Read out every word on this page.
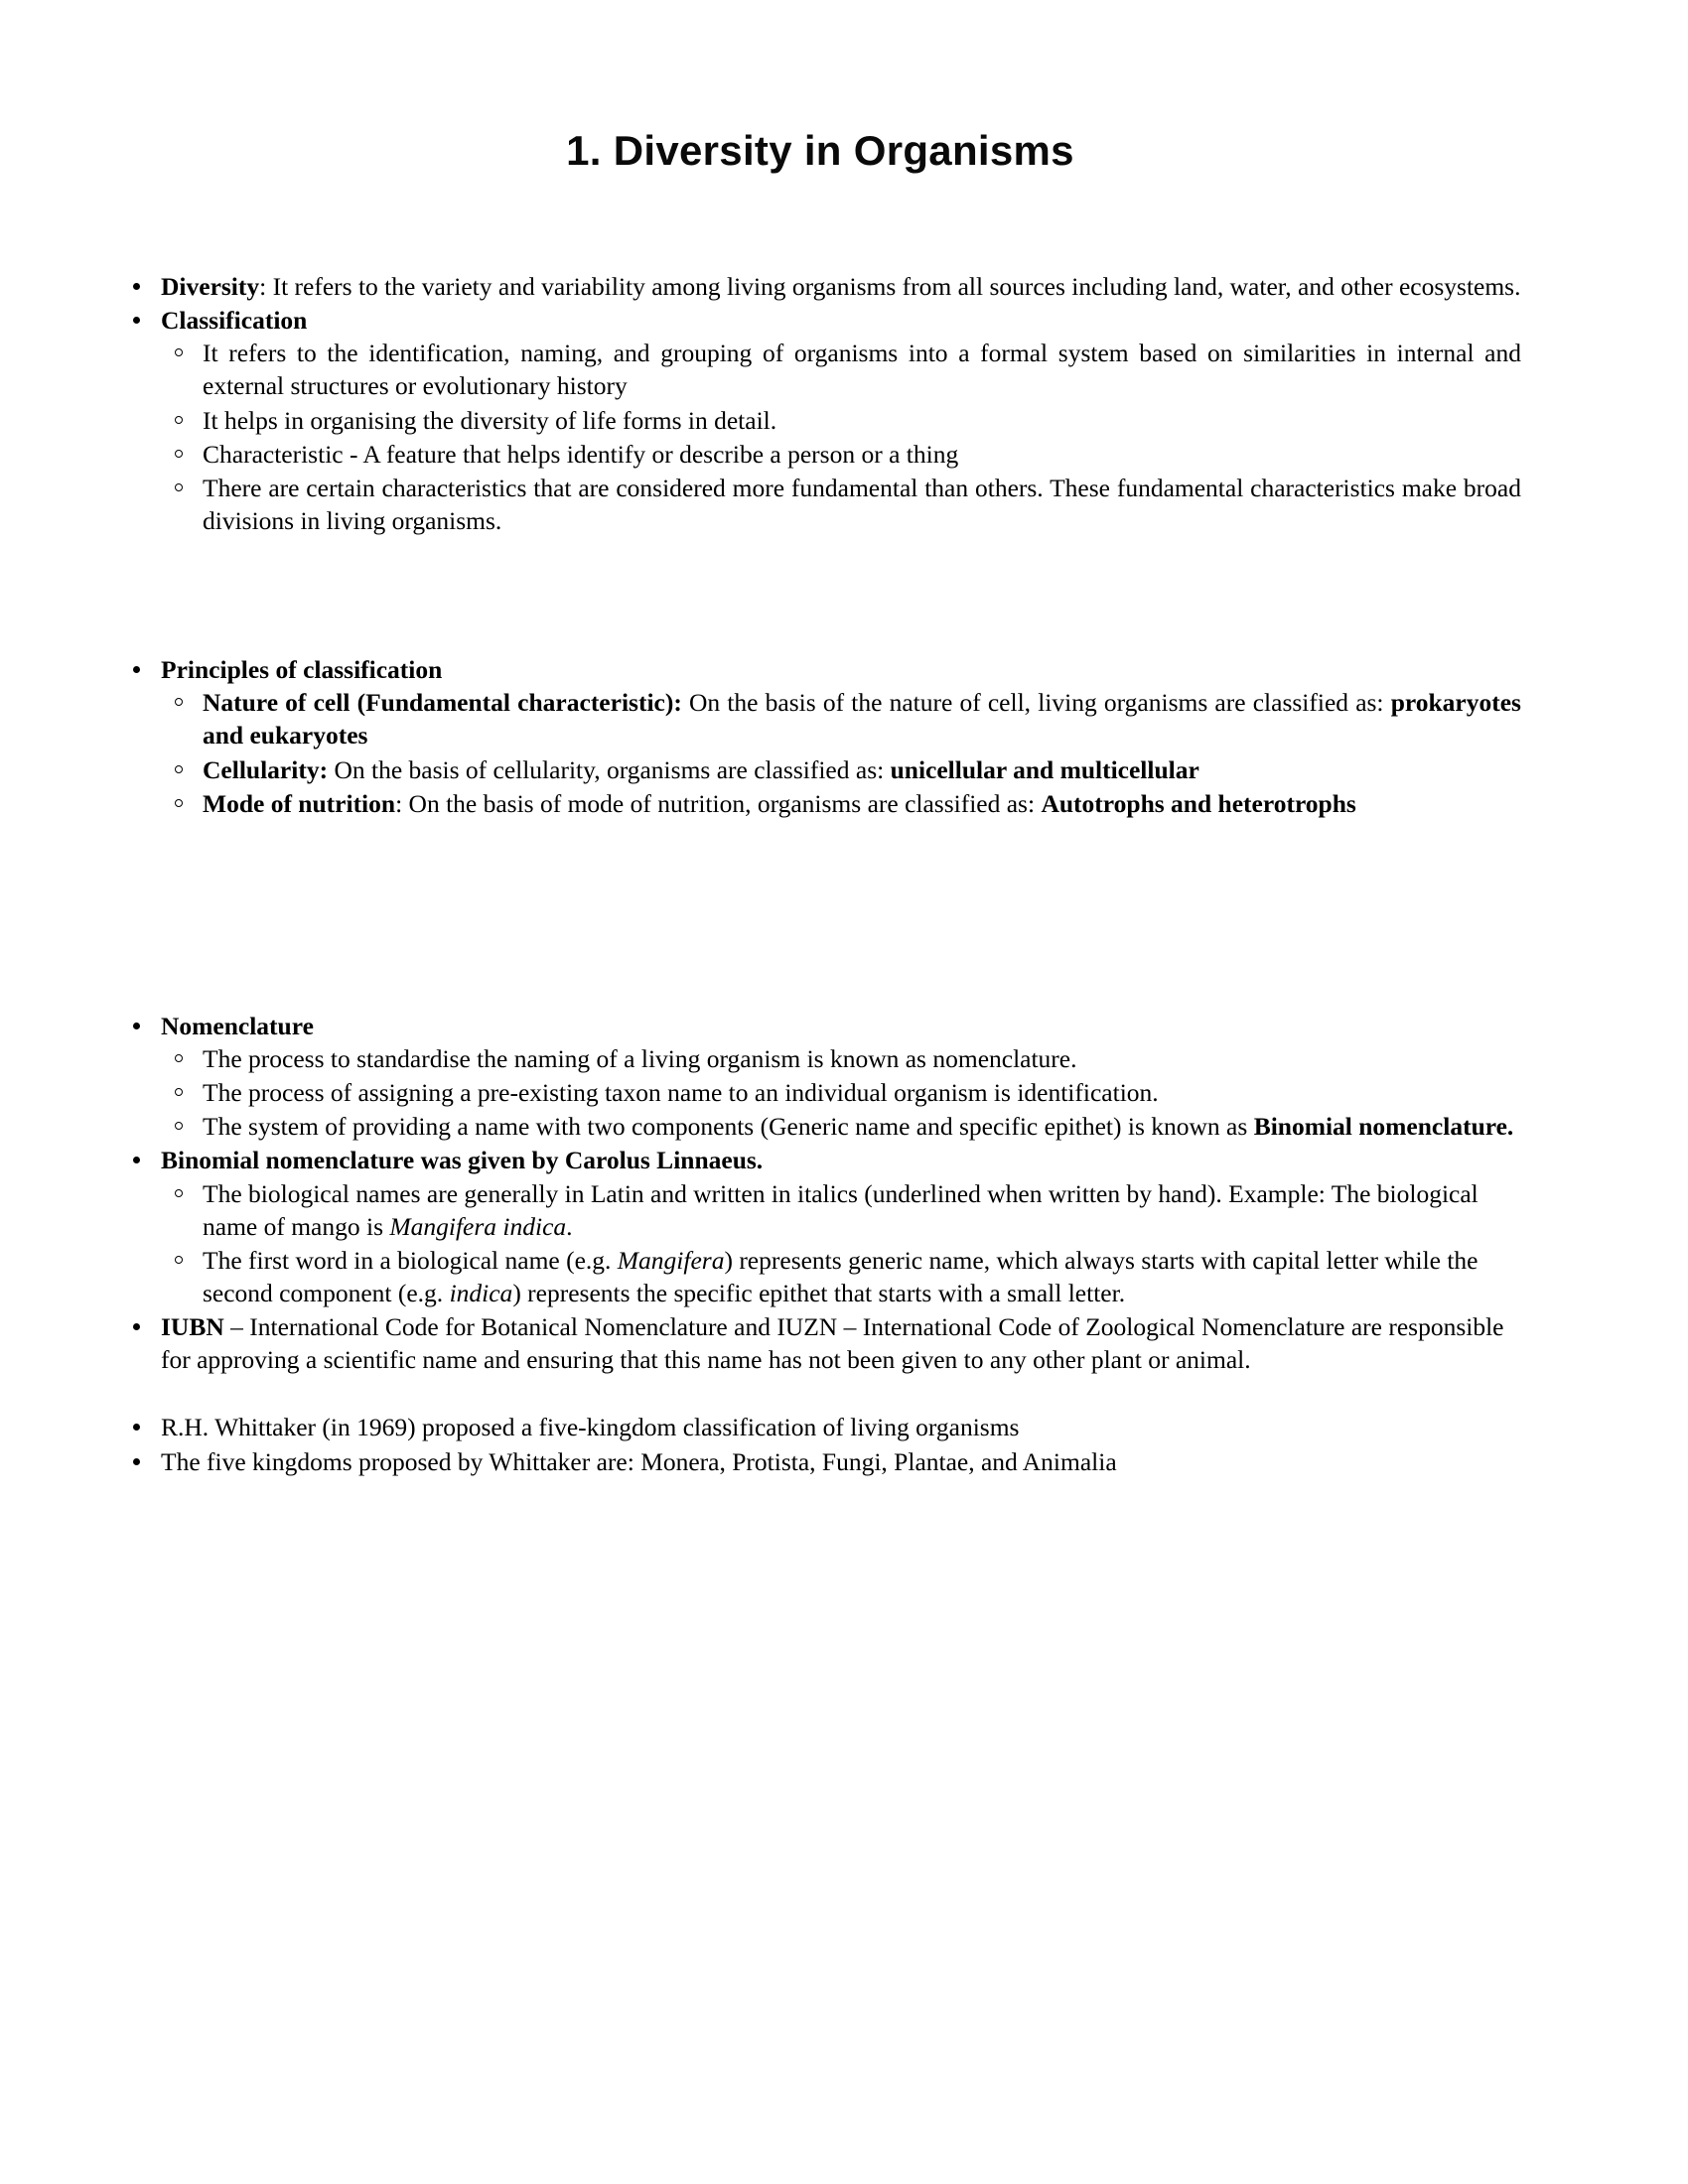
1. Diversity in Organisms
Diversity: It refers to the variety and variability among living organisms from all sources including land, water, and other ecosystems.
Classification
It refers to the identification, naming, and grouping of organisms into a formal system based on similarities in internal and external structures or evolutionary history
It helps in organising the diversity of life forms in detail.
Characteristic - A feature that helps identify or describe a person or a thing
There are certain characteristics that are considered more fundamental than others. These fundamental characteristics make broad divisions in living organisms.
Principles of classification
Nature of cell (Fundamental characteristic): On the basis of the nature of cell, living organisms are classified as: prokaryotes and eukaryotes
Cellularity: On the basis of cellularity, organisms are classified as: unicellular and multicellular
Mode of nutrition: On the basis of mode of nutrition, organisms are classified as: Autotrophs and heterotrophs
Nomenclature
The process to standardise the naming of a living organism is known as nomenclature.
The process of assigning a pre-existing taxon name to an individual organism is identification.
The system of providing a name with two components (Generic name and specific epithet) is known as Binomial nomenclature.
Binomial nomenclature was given by Carolus Linnaeus.
The biological names are generally in Latin and written in italics (underlined when written by hand). Example: The biological name of mango is Mangifera indica.
The first word in a biological name (e.g. Mangifera) represents generic name, which always starts with capital letter while the second component (e.g. indica) represents the specific epithet that starts with a small letter.
IUBN – International Code for Botanical Nomenclature and IUZN – International Code of Zoological Nomenclature are responsible for approving a scientific name and ensuring that this name has not been given to any other plant or animal.
R.H. Whittaker (in 1969) proposed a five-kingdom classification of living organisms
The five kingdoms proposed by Whittaker are: Monera, Protista, Fungi, Plantae, and Animalia
